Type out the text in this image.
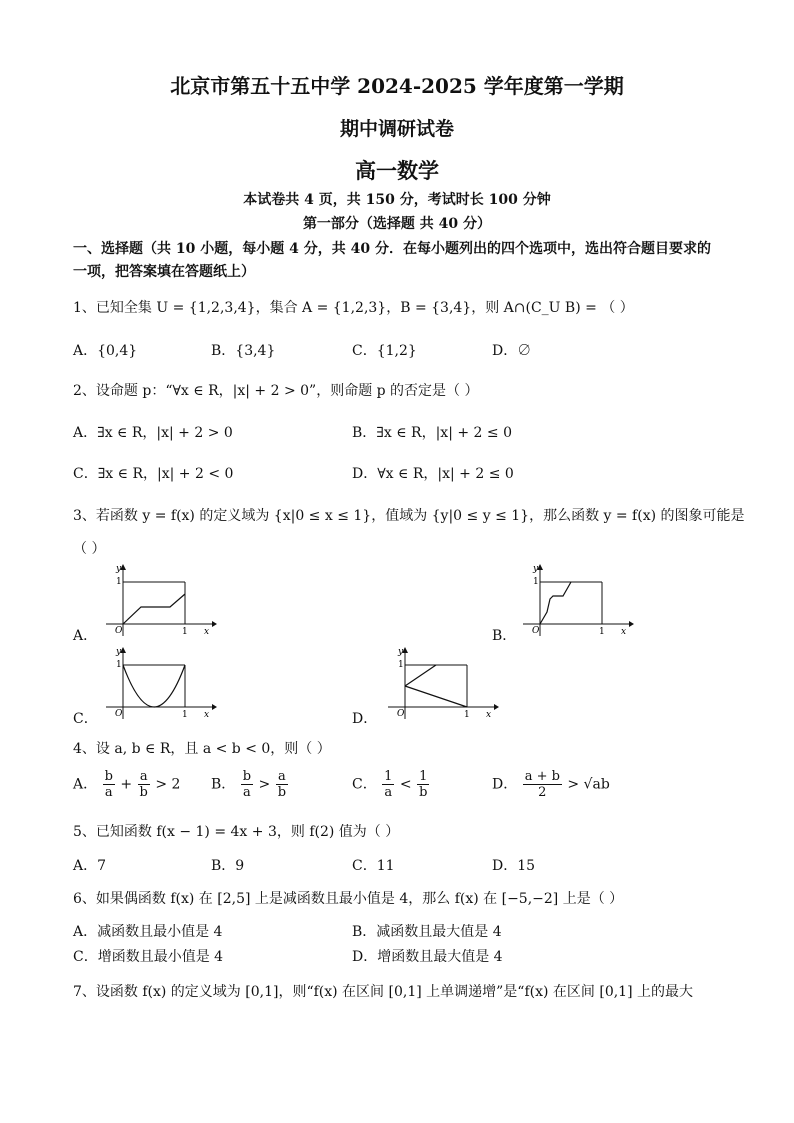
北京市第五十五中学 2024-2025 学年度第一学期
期中调研试卷
高一数学
本试卷共 4 页，共 150 分，考试时长 100 分钟
第一部分（选择题 共 40 分）
一、选择题（共 10 小题，每小题 4 分，共 40 分．在每小题列出的四个选项中，选出符合题目要求的一项，把答案填在答题纸上）
1、已知全集 U = {1,2,3,4}，集合 A = {1,2,3}，B = {3,4}，则 A∩(C_U B) = （ ）
A．{0,4}	B．{3,4}	C．{1,2}	D．∅
2、设命题 p：“∀x ∈ R，|x| + 2 > 0”，则命题 p 的否定是（ ）
A．∃x ∈ R，|x| + 2 > 0	B．∃x ∈ R，|x| + 2 ≤ 0
C．∃x ∈ R，|x| + 2 < 0	D．∀x ∈ R，|x| + 2 ≤ 0
3、若函数 y = f(x) 的定义域为 {x|0 ≤ x ≤ 1}，值域为 {y|0 ≤ y ≤ 1}，那么函数 y = f(x) 的图象可能是
（ ）
A．
y
1
O	1 x	B．
y
1
O	1 x
C．
y
1
O	1 x	D．
y
1
O	1 x
4、设 a, b ∈ R，且 a < b < 0，则（ ）
A． $\frac{b}{a} + \frac{a}{b} > 2$ B． $\frac{b}{a} > \frac{a}{b}$	C． $\frac{1}{a} < \frac{1}{b}$	D． $\frac{a + b}{2} > √ab$
5、已知函数 f(x − 1) = 4x + 3，则 f(2) 值为（ ）
A．7	B．9	C．11	D．15
6、如果偶函数 f(x) 在 [2,5] 上是减函数且最小值是 4，那么 f(x) 在 [−5,−2] 上是（ ）
A．减函数且最小值是 4	B．减函数且最大值是 4
C．增函数且最小值是 4	D．增函数且最大值是 4
7、设函数 f(x) 的定义域为 [0,1]，则“f(x) 在区间 [0,1] 上单调递增”是“f(x) 在区间 [0,1] 上的最大
